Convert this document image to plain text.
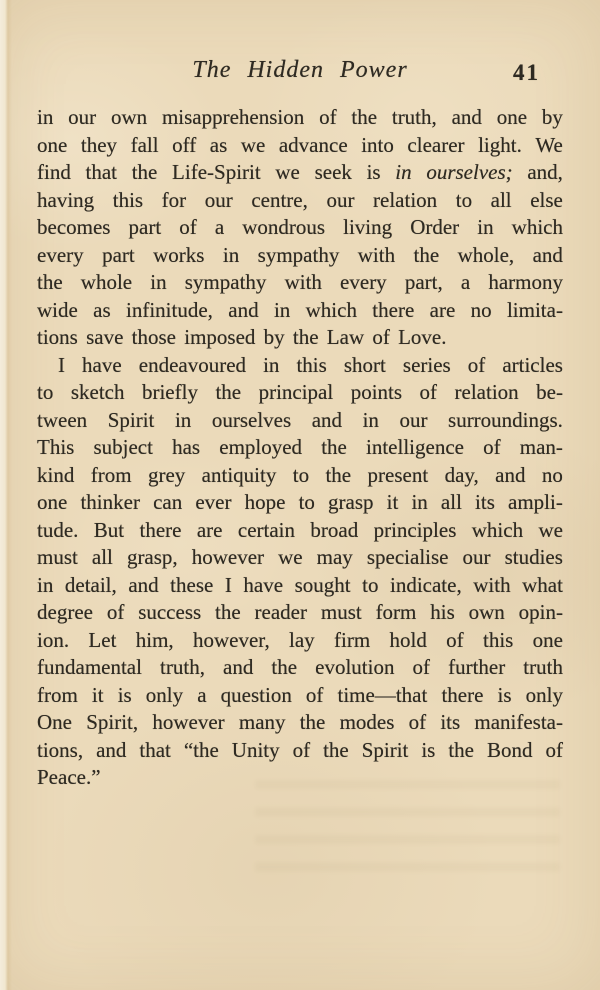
The Hidden Power	41
in our own misapprehension of the truth, and one by
one they fall off as we advance into clearer light. We
find that the Life-Spirit we seek is in ourselves; and,
having this for our centre, our relation to all else
becomes part of a wondrous living Order in which
every part works in sympathy with the whole, and
the whole in sympathy with every part, a harmony
wide as infinitude, and in which there are no limita-
tions save those imposed by the Law of Love.
I have endeavoured in this short series of articles
to sketch briefly the principal points of relation be-
tween Spirit in ourselves and in our surroundings.
This subject has employed the intelligence of man-
kind from grey antiquity to the present day, and no
one thinker can ever hope to grasp it in all its ampli-
tude. But there are certain broad principles which we
must all grasp, however we may specialise our studies
in detail, and these I have sought to indicate, with what
degree of success the reader must form his own opin-
ion. Let him, however, lay firm hold of this one
fundamental truth, and the evolution of further truth
from it is only a question of time—that there is only
One Spirit, however many the modes of its manifesta-
tions, and that “the Unity of the Spirit is the Bond of
Peace.”
